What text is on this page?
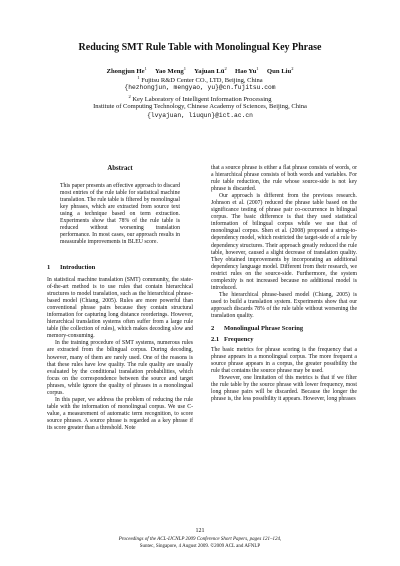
Reducing SMT Rule Table with Monolingual Key Phrase
Zhongjun He$^1$ Yao Meng$^1$ Yajuan $Lü^2$ Hao Yu$^1$ Qun Liu$^2$
$^1$ Fujitsu R&D Center CO., LTD, Beijing, China
{hezhongjun, mengyao, yu}@cn.fujitsu.com
$^2$ Key Laboratory of Intelligent Information Processing
Institute of Computing Technology, Chinese Academy of Sciences, Beijing, China
{lvyajuan, liuqun}@ict.ac.cn
Abstract
This paper presents an effective approach to discard most entries of the rule table for statistical machine translation. The rule table is filtered by monolingual key phrases, which are extracted from source text using a technique based on term extraction. Experiments show that 78% of the rule table is reduced without worsening translation performance. In most cases, our approach results in measurable improvements in BLEU score.

1 Introduction

In statistical machine translation (SMT) community, the state-of-the-art method is to use rules that contain hierarchical structures to model translation, such as the hierarchical phrase-based model (Chiang, 2005). Rules are more powerful than conventional phrase pairs because they contain structural information for capturing long distance reorderings. However, hierarchical translation systems often suffer from a large rule table (the collection of rules), which makes decoding slow and memory-consuming.

In the training procedure of SMT systems, numerous rules are extracted from the bilingual corpus. During decoding, however, many of them are rarely used. One of the reasons is that these rules have low quality. The rule quality are usually evaluated by the conditional translation probabilities, which focus on the correspondence between the source and target phrases, while ignore the quality of phrases in a monolingual corpus.

In this paper, we address the problem of reducing the rule table with the information of monolingual corpus. We use C-value, a measurement of automatic term recognition, to score source phrases. A source phrase is regarded as a key phrase if its score greater than a threshold. Note

that a source phrase is either a flat phrase consists of words, or a hierarchical phrase consists of both words and variables. For rule table reduction, the rule whose source-side is not key phrase is discarded.

Our approach is different from the previous research. Johnson et al. (2007) reduced the phrase table based on the significance testing of phrase pair co-occurrence in bilingual corpus. The basic difference is that they used statistical information of bilingual corpus while we use that of monolingual corpus. Shen et al. (2008) proposed a string-to-dependency model, which restricted the target-side of a rule by dependency structures. Their approach greatly reduced the rule table, however, caused a slight decrease of translation quality. They obtained improvements by incorporating an additional dependency language model. Different from their research, we restrict rules on the source-side. Furthermore, the system complexity is not increased because no additional model is introduced.

The hierarchical phrase-based model (Chiang, 2005) is used to build a translation system. Experiments show that our approach discards 78% of the rule table without worsening the translation quality.

2 Monolingual Phrase Scoring

2.1 Frequency

The basic metrics for phrase scoring is the frequency that a phrase appears in a monolingual corpus. The more frequent a source phrase appears in a corpus, the greater possibility the rule that contains the source phrase may be used.

However, one limitation of this metrics is that if we filter the rule table by the source phrase with lower frequency, most long phrase pairs will be discarded. Because the longer the phrase is, the less possibility it appears. However, long phrases

121
Proceedings of the ACL-IJCNLP 2009 Conference Short Papers, pages 121–124,
Suntec, Singapore, 4 August 2009. ©2009 ACL and AFNLP
